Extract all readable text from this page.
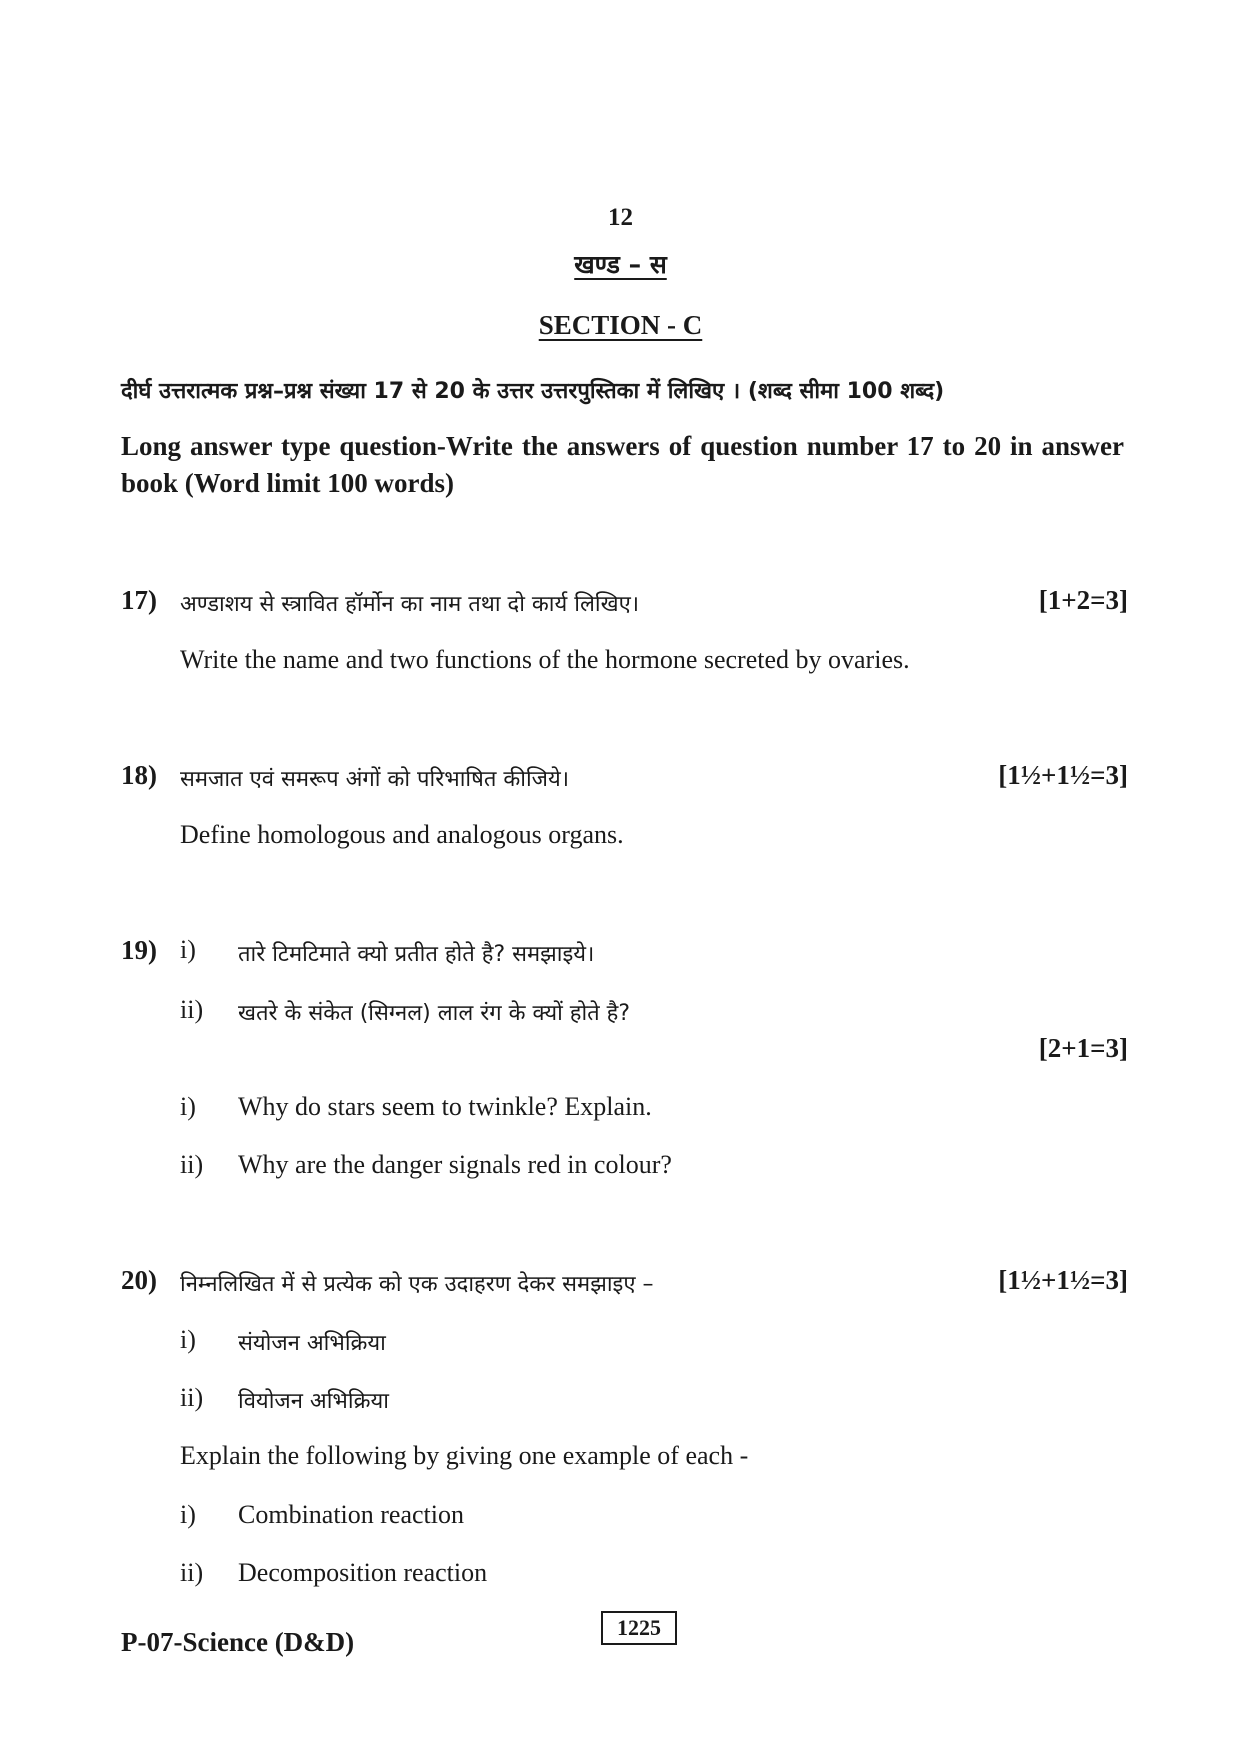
12
खण्ड – स
SECTION - C
दीर्घ उत्तरात्मक प्रश्न–प्रश्न संख्या 17 से 20 के उत्तर उत्तरपुस्तिका में लिखिए । (शब्द सीमा 100 शब्द)
Long answer type question-Write the answers of question number 17 to 20 in answer book (Word limit 100 words)
17) अण्डाशय से स्त्रावित हॉर्मोन का नाम तथा दो कार्य लिखिए।	[1+2=3]
Write the name and two functions of the hormone secreted by ovaries.
18) समजात एवं समरूप अंगों को परिभाषित कीजिये।	[1½+1½=3]
Define homologous and analogous organs.
19) i) तारे टिमटिमाते क्यो प्रतीत होते है? समझाइये।
ii) खतरे के संकेत (सिग्नल) लाल रंग के क्यों होते है?
[2+1=3]
i) Why do stars seem to twinkle? Explain.
ii) Why are the danger signals red in colour?
20) निम्नलिखित में से प्रत्येक को एक उदाहरण देकर समझाइए –	[1½+1½=3]
i) संयोजन अभिक्रिया
ii) वियोजन अभिक्रिया
Explain the following by giving one example of each -
i) Combination reaction
ii) Decomposition reaction
P-07-Science (D&D)	1225
